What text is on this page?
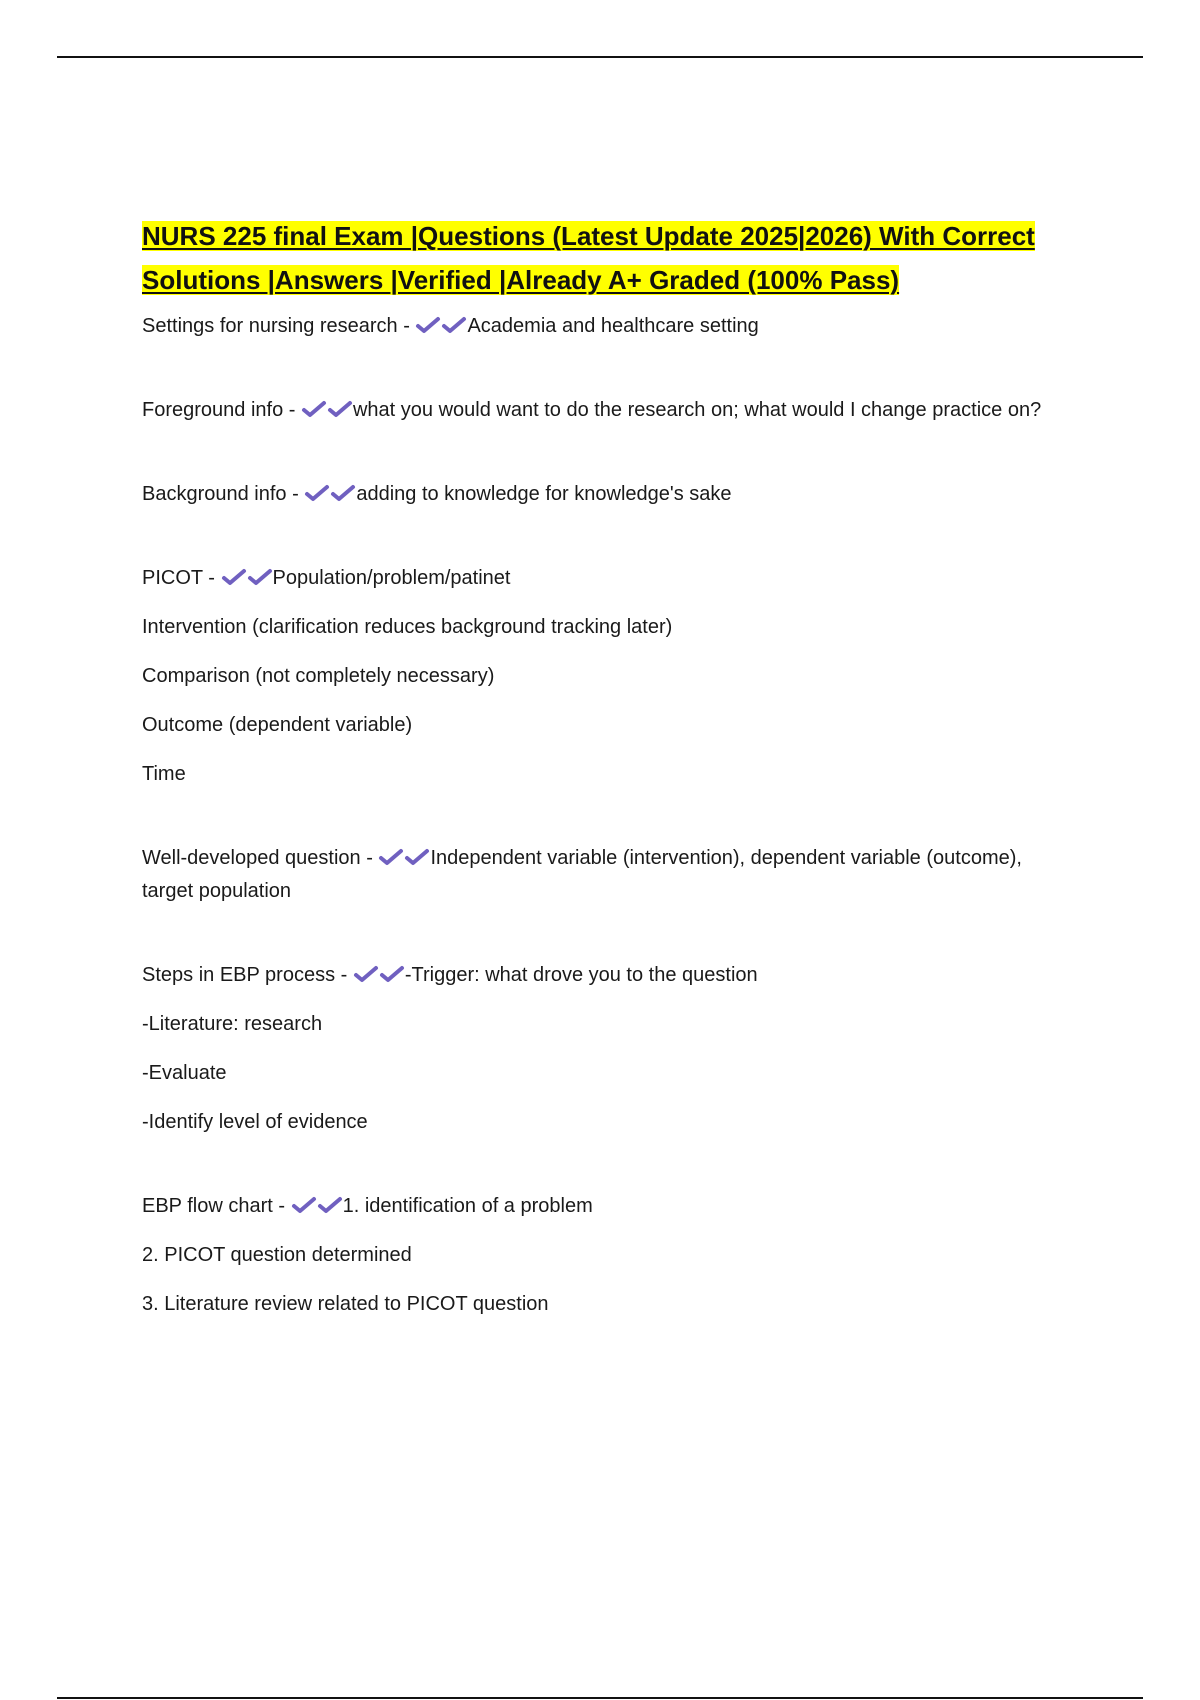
NURS 225 final Exam |Questions (Latest Update 2025|2026) With Correct Solutions |Answers |Verified |Already A+ Graded (100% Pass)

Settings for nursing research -	Academia and healthcare setting

Foreground info -	what you would want to do the research on; what would I change practice on?

Background info -	adding to knowledge for knowledge's sake

PICOT -	Population/problem/patinet

Intervention (clarification reduces background tracking later)

Comparison (not completely necessary)

Outcome (dependent variable)

Time

Well-developed question -	Independent variable (intervention), dependent variable (outcome), target population

Steps in EBP process -	-Trigger: what drove you to the question

-Literature: research

-Evaluate

-Identify level of evidence

EBP flow chart -	1. identification of a problem

2. PICOT question determined

3. Literature review related to PICOT question
